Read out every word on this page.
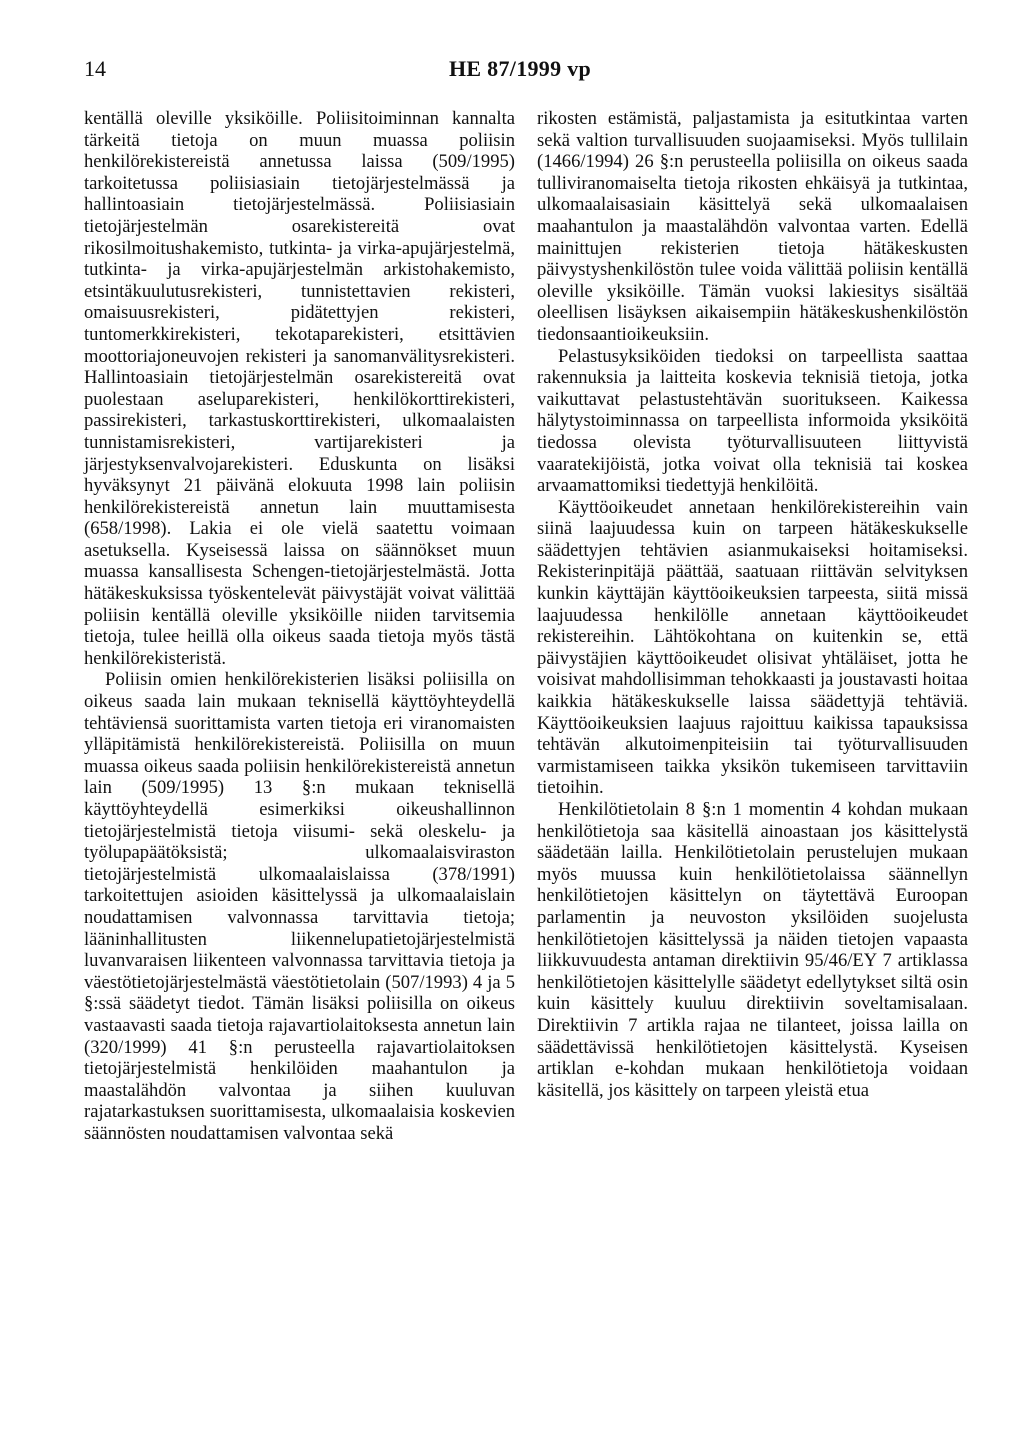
14	HE 87/1999 vp

kentällä oleville yksiköille. Poliisitoiminnan kannalta tärkeitä tietoja on muun muassa poliisin henkilörekistereistä annetussa laissa (509/1995) tarkoitetussa poliisiasiain tietojärjestelmässä ja hallintoasiain tietojärjestelmässä. Poliisiasiain tietojärjestelmän osarekistereitä ovat rikosilmoitushakemisto, tutkinta- ja virka-apujärjestelmä, tutkinta- ja virka-apujärjestelmän arkistohakemisto, etsintäkuulutusrekisteri, tunnistettavien rekisteri, omaisuusrekisteri, pidätettyjen rekisteri, tuntomerkkirekisteri, tekotaparekisteri, etsittävien moottoriajoneuvojen rekisteri ja sanomanvälitysrekisteri. Hallintoasiain tietojärjestelmän osarekistereitä ovat puolestaan aseluparekisteri, henkilökorttirekisteri, passirekisteri, tarkastuskorttirekisteri, ulkomaalaisten tunnistamisrekisteri, vartijarekisteri ja järjestyksenvalvojarekisteri. Eduskunta on lisäksi hyväksynyt 21 päivänä elokuuta 1998 lain poliisin henkilörekistereistä annetun lain muuttamisesta (658/1998). Lakia ei ole vielä saatettu voimaan asetuksella. Kyseisessä laissa on säännökset muun muassa kansallisesta Schengen-tietojärjestelmästä. Jotta hätäkeskuksissa työskentelevät päivystäjät voivat välittää poliisin kentällä oleville yksiköille niiden tarvitsemia tietoja, tulee heillä olla oikeus saada tietoja myös tästä henkilörekisteristä.

Poliisin omien henkilörekisterien lisäksi poliisilla on oikeus saada lain mukaan teknisellä käyttöyhteydellä tehtäviensä suorittamista varten tietoja eri viranomaisten ylläpitämistä henkilörekistereistä. Poliisilla on muun muassa oikeus saada poliisin henkilörekistereistä annetun lain (509/1995) 13 §:n mukaan teknisellä käyttöyhteydellä esimerkiksi oikeushallinnon tietojärjestelmistä tietoja viisumi- sekä oleskelu- ja työlupapäätöksistä; ulkomaalaisviraston tietojärjestelmistä ulkomaalaislaissa (378/1991) tarkoitettujen asioiden käsittelyssä ja ulkomaalaislain noudattamisen valvonnassa tarvittavia tietoja; lääninhallitusten liikennelupatietojärjestelmistä luvanvaraisen liikenteen valvonnassa tarvittavia tietoja ja väestötietojärjestelmästä väestötietolain (507/1993) 4 ja 5 §:ssä säädetyt tiedot. Tämän lisäksi poliisilla on oikeus vastaavasti saada tietoja rajavartiolaitoksesta annetun lain (320/1999) 41 §:n perusteella rajavartiolaitoksen tietojärjestelmistä henkilöiden maahantulon ja maastalähdön valvontaa ja siihen kuuluvan rajatarkastuksen suorittamisesta, ulkomaalaisia koskevien säännösten noudattamisen valvontaa sekä

rikosten estämistä, paljastamista ja esitutkintaa varten sekä valtion turvallisuuden suojaamiseksi. Myös tullilain (1466/1994) 26 §:n perusteella poliisilla on oikeus saada tulliviranomaiselta tietoja rikosten ehkäisyä ja tutkintaa, ulkomaalaisasiain käsittelyä sekä ulkomaalaisen maahantulon ja maastalähdön valvontaa varten. Edellä mainittujen rekisterien tietoja hätäkeskusten päivystyshenkilöstön tulee voida välittää poliisin kentällä oleville yksiköille. Tämän vuoksi lakiesitys sisältää oleellisen lisäyksen aikaisempiin hätäkeskushenkilöstön tiedonsaantioikeuksiin.

Pelastusyksiköiden tiedoksi on tarpeellista saattaa rakennuksia ja laitteita koskevia teknisiä tietoja, jotka vaikuttavat pelastustehtävän suoritukseen. Kaikessa hälytystoiminnassa on tarpeellista informoida yksiköitä tiedossa olevista työturvallisuuteen liittyvistä vaaratekijöistä, jotka voivat olla teknisiä tai koskea arvaamattomiksi tiedettyjä henkilöitä.

Käyttöoikeudet annetaan henkilörekistereihin vain siinä laajuudessa kuin on tarpeen hätäkeskukselle säädettyjen tehtävien asianmukaiseksi hoitamiseksi. Rekisterinpitäjä päättää, saatuaan riittävän selvityksen kunkin käyttäjän käyttöoikeuksien tarpeesta, siitä missä laajuudessa henkilölle annetaan käyttöoikeudet rekistereihin. Lähtökohtana on kuitenkin se, että päivystäjien käyttöoikeudet olisivat yhtäläiset, jotta he voisivat mahdollisimman tehokkaasti ja joustavasti hoitaa kaikkia hätäkeskukselle laissa säädettyjä tehtäviä. Käyttöoikeuksien laajuus rajoittuu kaikissa tapauksissa tehtävän alkutoimenpiteisiin tai työturvallisuuden varmistamiseen taikka yksikön tukemiseen tarvittaviin tietoihin.

Henkilötietolain 8 §:n 1 momentin 4 kohdan mukaan henkilötietoja saa käsitellä ainoastaan jos käsittelystä säädetään lailla. Henkilötietolain perustelujen mukaan myös muussa kuin henkilötietolaissa säännellyn henkilötietojen käsittelyn on täytettävä Euroopan parlamentin ja neuvoston yksilöiden suojelusta henkilötietojen käsittelyssä ja näiden tietojen vapaasta liikkuvuudesta antaman direktiivin 95/46/EY 7 artiklassa henkilötietojen käsittelylle säädetyt edellytykset siltä osin kuin käsittely kuuluu direktiivin soveltamisalaan. Direktiivin 7 artikla rajaa ne tilanteet, joissa laillа on säädettävissä henkilötietojen käsittelystä. Kyseisen artiklan e-kohdan mukaan henkilötietoja voidaan käsitellä, jos käsittely on tarpeen yleistä etua
